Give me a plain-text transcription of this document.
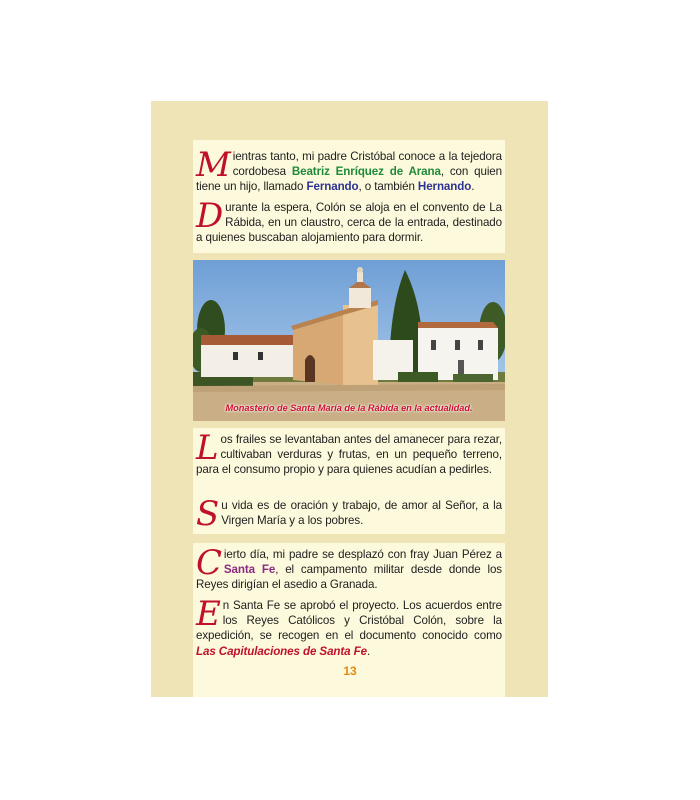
Mientras tanto, mi padre Cristóbal conoce a la tejedora cordobesa Beatriz Enríquez de Arana, con quien tiene un hijo, llamado Fernando, o también Hernando.
Durante la espera, Colón se aloja en el convento de La Rábida, en un claustro, cerca de la entrada, destinado a quienes buscaban alojamiento para dormir.
Monasterio de Santa María de la Rábida en la actualidad.
Los frailes se levantaban antes del amanecer para rezar, cultivaban verduras y frutas, en un pequeño terreno, para el consumo propio y para quienes acudían a pedirles.
Su vida es de oración y trabajo, de amor al Señor, a la Virgen María y a los pobres.
Cierto día, mi padre se desplazó con fray Juan Pérez a Santa Fe, el campamento militar desde donde los Reyes dirigían el asedio a Granada.
En Santa Fe se aprobó el proyecto. Los acuerdos entre los Reyes Católicos y Cristóbal Colón, sobre la expedición, se recogen en el documento conocido como Las Capitulaciones de Santa Fe.
13
